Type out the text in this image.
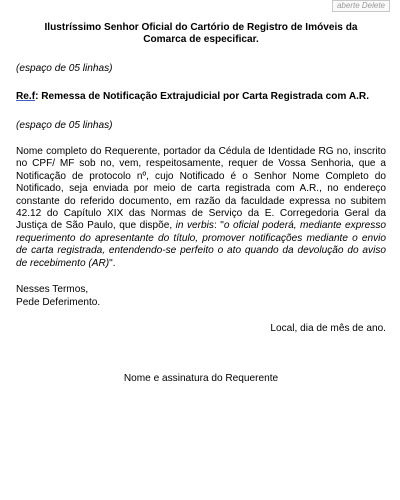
aberte Delete
Ilustríssimo Senhor Oficial do Cartório de Registro de Imóveis da Comarca de especificar.
(espaço de 05 linhas)
Re.f: Remessa de Notificação Extrajudicial por Carta Registrada com A.R.
(espaço de 05 linhas)
Nome completo do Requerente, portador da Cédula de Identidade RG no, inscrito no CPF/ MF sob no, vem, respeitosamente, requer de Vossa Senhoria, que a Notificação de protocolo nº, cujo Notificado é o Senhor Nome Completo do Notificado, seja enviada por meio de carta registrada com A.R., no endereço constante do referido documento, em razão da faculdade expressa no subitem 42.12 do Capítulo XIX das Normas de Serviço da E. Corregedoria Geral da Justiça de São Paulo, que dispõe, in verbis: "o oficial poderá, mediante expresso requerimento do apresentante do título, promover notificações mediante o envio de carta registrada, entendendo-se perfeito o ato quando da devolução do aviso de recebimento (AR)".
Nesses Termos,
Pede Deferimento.
Local, dia de mês de ano.
Nome e assinatura do Requerente
